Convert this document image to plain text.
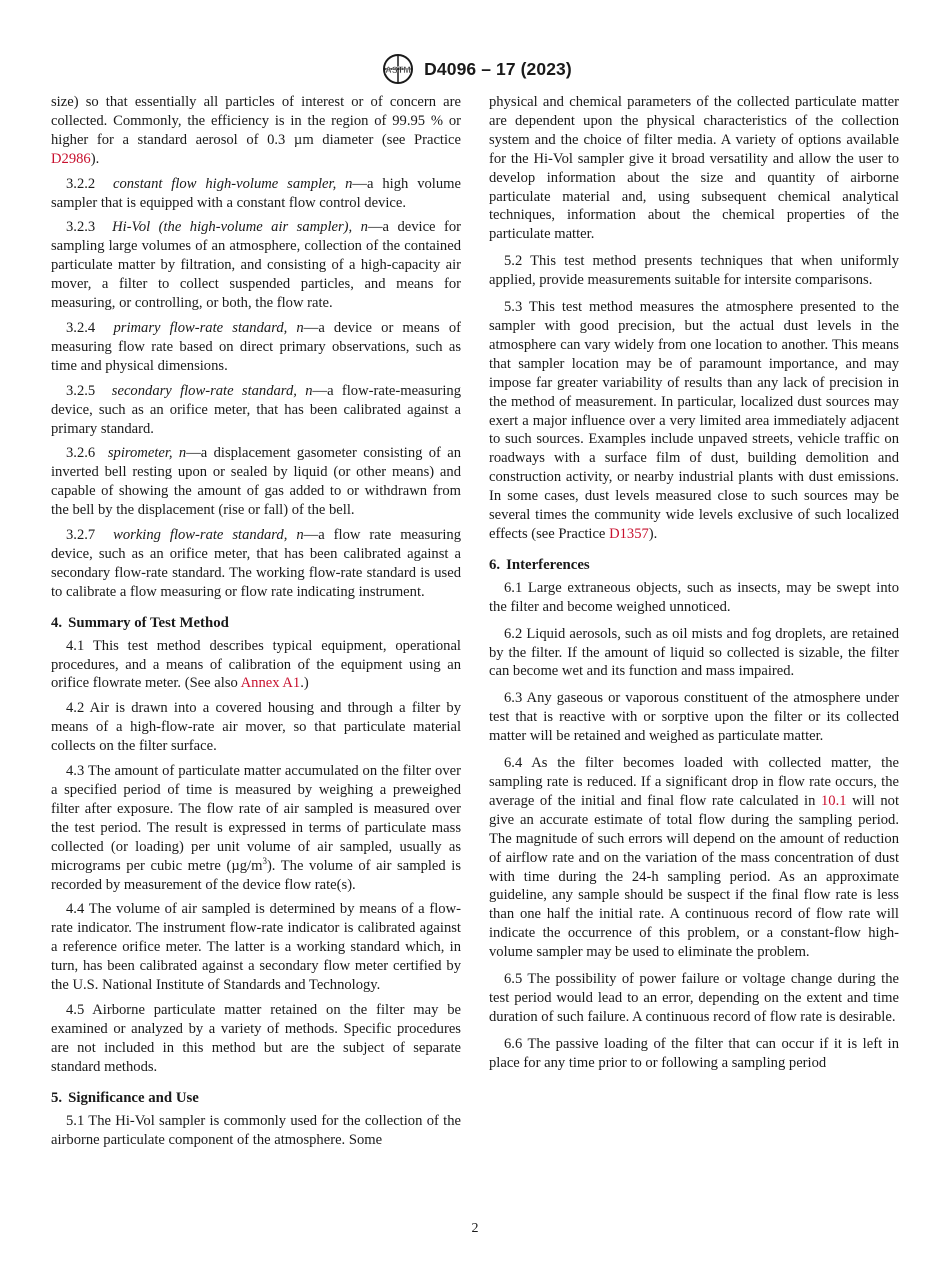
ASTM D4096 – 17 (2023)

size) so that essentially all particles of interest or of concern are collected. Commonly, the efficiency is in the region of 99.95 % or higher for a standard aerosol of 0.3 µm diameter (see Practice D2986).

3.2.2 constant flow high-volume sampler, n—a high volume sampler that is equipped with a constant flow control device.

3.2.3 Hi-Vol (the high-volume air sampler), n—a device for sampling large volumes of an atmosphere, collection of the contained particulate matter by filtration, and consisting of a high-capacity air mover, a filter to collect suspended particles, and means for measuring, or controlling, or both, the flow rate.

3.2.4 primary flow-rate standard, n—a device or means of measuring flow rate based on direct primary observations, such as time and physical dimensions.

3.2.5 secondary flow-rate standard, n—a flow-rate-measuring device, such as an orifice meter, that has been calibrated against a primary standard.

3.2.6 spirometer, n—a displacement gasometer consisting of an inverted bell resting upon or sealed by liquid (or other means) and capable of showing the amount of gas added to or withdrawn from the bell by the displacement (rise or fall) of the bell.

3.2.7 working flow-rate standard, n—a flow rate measuring device, such as an orifice meter, that has been calibrated against a secondary flow-rate standard. The working flow-rate standard is used to calibrate a flow measuring or flow rate indicating instrument.

4. Summary of Test Method

4.1 This test method describes typical equipment, operational procedures, and a means of calibration of the equipment using an orifice flowrate meter. (See also Annex A1.)

4.2 Air is drawn into a covered housing and through a filter by means of a high-flow-rate air mover, so that particulate material collects on the filter surface.

4.3 The amount of particulate matter accumulated on the filter over a specified period of time is measured by weighing a preweighed filter after exposure. The flow rate of air sampled is measured over the test period. The result is expressed in terms of particulate mass collected (or loading) per unit volume of air sampled, usually as micrograms per cubic metre $(\mu g/m^3)$. The volume of air sampled is recorded by measurement of the device flow rate(s).

4.4 The volume of air sampled is determined by means of a flow-rate indicator. The instrument flow-rate indicator is calibrated against a reference orifice meter. The latter is a working standard which, in turn, has been calibrated against a secondary flow meter certified by the U.S. National Institute of Standards and Technology.

4.5 Airborne particulate matter retained on the filter may be examined or analyzed by a variety of methods. Specific procedures are not included in this method but are the subject of separate standard methods.

5. Significance and Use

5.1 The Hi-Vol sampler is commonly used for the collection of the airborne particulate component of the atmosphere. Some

physical and chemical parameters of the collected particulate matter are dependent upon the physical characteristics of the collection system and the choice of filter media. A variety of options available for the Hi-Vol sampler give it broad versatility and allow the user to develop information about the size and quantity of airborne particulate material and, using subsequent chemical analytical techniques, information about the chemical properties of the particulate matter.

5.2 This test method presents techniques that when uniformly applied, provide measurements suitable for intersite comparisons.

5.3 This test method measures the atmosphere presented to the sampler with good precision, but the actual dust levels in the atmosphere can vary widely from one location to another. This means that sampler location may be of paramount importance, and may impose far greater variability of results than any lack of precision in the method of measurement. In particular, localized dust sources may exert a major influence over a very limited area immediately adjacent to such sources. Examples include unpaved streets, vehicle traffic on roadways with a surface film of dust, building demolition and construction activity, or nearby industrial plants with dust emissions. In some cases, dust levels measured close to such sources may be several times the community wide levels exclusive of such localized effects (see Practice D1357).

6. Interferences

6.1 Large extraneous objects, such as insects, may be swept into the filter and become weighed unnoticed.

6.2 Liquid aerosols, such as oil mists and fog droplets, are retained by the filter. If the amount of liquid so collected is sizable, the filter can become wet and its function and mass impaired.

6.3 Any gaseous or vaporous constituent of the atmosphere under test that is reactive with or sorptive upon the filter or its collected matter will be retained and weighed as particulate matter.

6.4 As the filter becomes loaded with collected matter, the sampling rate is reduced. If a significant drop in flow rate occurs, the average of the initial and final flow rate calculated in 10.1 will not give an accurate estimate of total flow during the sampling period. The magnitude of such errors will depend on the amount of reduction of airflow rate and on the variation of the mass concentration of dust with time during the 24-h sampling period. As an approximate guideline, any sample should be suspect if the final flow rate is less than one half the initial rate. A continuous record of flow rate will indicate the occurrence of this problem, or a constant-flow high-volume sampler may be used to eliminate the problem.

6.5 The possibility of power failure or voltage change during the test period would lead to an error, depending on the extent and time duration of such failure. A continuous record of flow rate is desirable.

6.6 The passive loading of the filter that can occur if it is left in place for any time prior to or following a sampling period

2
